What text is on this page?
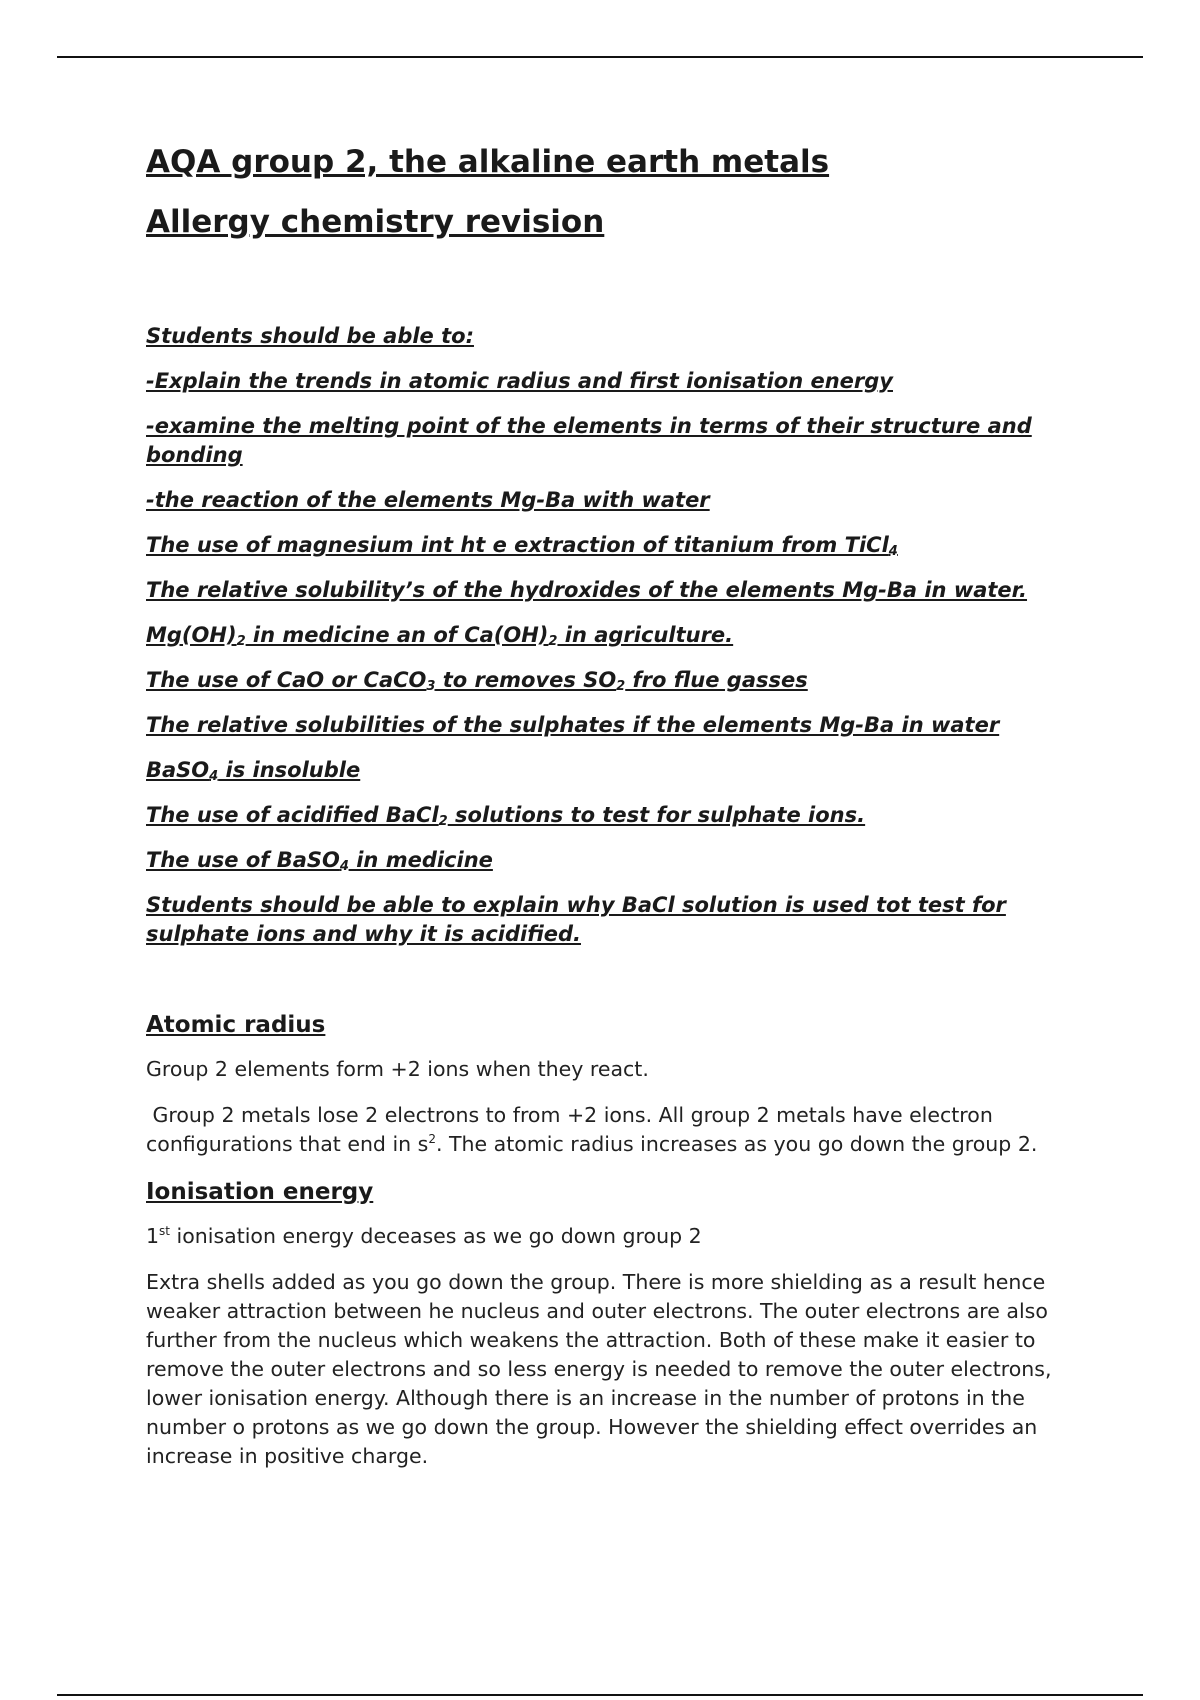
AQA group 2, the alkaline earth metals
Allergy chemistry revision

Students should be able to:

-Explain the trends in atomic radius and first ionisation energy

-examine the melting point of the elements in terms of their structure and bonding

-the reaction of the elements Mg-Ba with water

The use of magnesium int ht e extraction of titanium from TiCl$_4$

The relative solubility’s of the hydroxides of the elements Mg-Ba in water.

$Mg(OH)_2$ in medicine an of $Ca(OH)_2$ in agriculture.

The use of CaO or CaCO$_3$ to removes $SO_2$ fro flue gasses

The relative solubilities of the sulphates if the elements Mg-Ba in water

BaSO$_4$ is insoluble

The use of acidified BaCl$_2$ solutions to test for sulphate ions.

The use of BaSO$_4$ in medicine

Students should be able to explain why BaCl solution is used tot test for sulphate ions and why it is acidified.

Atomic radius

Group 2 elements form +2 ions when they react.

Group 2 metals lose 2 electrons to from +2 ions. All group 2 metals have electron configurations that end in $s^2$. The atomic radius increases as you go down the group 2.

Ionisation energy

1st ionisation energy deceases as we go down group 2

Extra shells added as you go down the group. There is more shielding as a result hence weaker attraction between he nucleus and outer electrons. The outer electrons are also further from the nucleus which weakens the attraction. Both of these make it easier to remove the outer electrons and so less energy is needed to remove the outer electrons, lower ionisation energy. Although there is an increase in the number of protons in the number o protons as we go down the group. However the shielding effect overrides an increase in positive charge.
